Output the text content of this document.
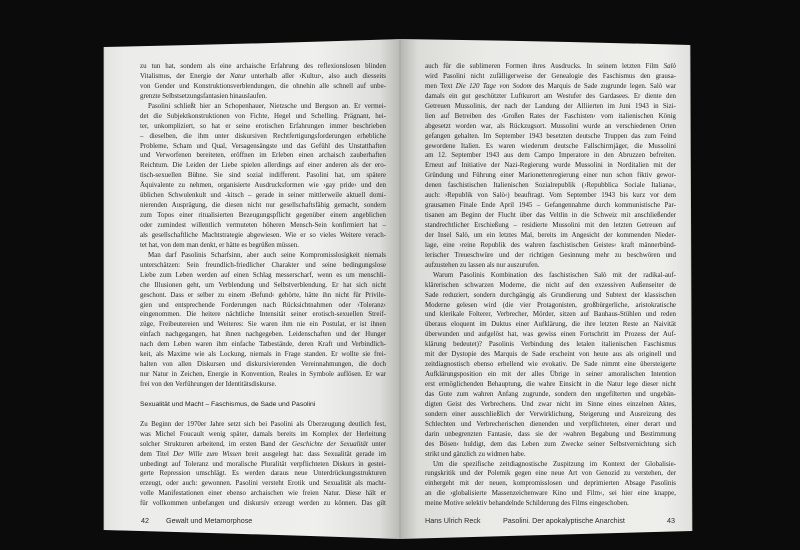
zu tun hat, sondern als eine archaische Erfahrung des reflexionslosen blinden
Vitalismus, der Energie der Natur unterhalb aller ›Kultur‹, also auch diesseits
von Gender und Konstruktionsverblendungen, die ohnehin alle schnell auf unbe-
grenzte Selbstsetzungsfantasien hinauslaufen.
Pasolini schließt hier an Schopenhauer, Nietzsche und Bergson an. Er vermei-
det die Subjektkonstruktionen von Fichte, Hegel und Schelling. Prägnant, hei-
ter, unkompliziert, so hat er seine erotischen Erfahrungen immer beschrieben
– dieselben, die ihm unter diskursiven Rechtfertigungsforderungen erhebliche
Probleme, Scham und Qual, Versagensängste und das Gefühl des Unstatthaften
und Verworfenen bereiteten, eröffnen im Erleben einen archaisch zauberhaften
Reichtum. Die Leiden der Liebe spielen allerdings auf einer anderen als der ero-
tisch-sexuellen Bühne. Sie sind sozial indifferent. Pasolini hat, um spätere
Äquivalente zu nehmen, organisierte Ausdrucksformen wie ›gay pride‹ und den
üblichen Schwulenkult und -kitsch – gerade in seiner mittlerweile aktuell domi-
nierenden Ausprägung, die diesen nicht nur gesellschaftsfähig gemacht, sondern
zum Topos einer ritualisierten Bezeugungspflicht gegenüber einem angeblichen
oder zumindest willentlich vermuteten höheren Mensch-Sein konfirmiert hat –
als gesellschaftliche Machtstrategie abgewiesen. Wie er so vieles Weitere verach-
tet hat, von dem man denkt, er hätte es begrüßen müssen.
Man darf Pasolinis Scharfsinn, aber auch seine Kompromisslosigkeit niemals
unterschätzen: Sein freundlich-friedlicher Charakter und seine bedingungslose
Liebe zum Leben werden auf einen Schlag messerscharf, wenn es um menschli-
che Illusionen geht, um Verblendung und Selbstverblendung. Er hat sich nicht
geschont. Dass er selber zu einem ›Befund‹ gehörte, hätte ihn nicht für Privile-
gien und entsprechende Forderungen nach Rücksichtnahmen oder ›Toleranz‹
eingenommen. Die heitere nächtliche Intensität seiner erotisch-sexuellen Streif-
züge, Freibeutereien und Weiteres: Sie waren ihm nie ein Postulat, er ist ihnen
einfach nachgegangen, hat ihnen nachgegeben. Leidenschaften und der Hunger
nach dem Leben waren ihm einfache Tatbestände, deren Kraft und Verbindlich-
keit, als Maxime wie als Lockung, niemals in Frage standen. Er wollte sie frei-
halten von allen Diskursen und diskursivierenden Vereinnahmungen, die doch
nur Natur in Zeichen, Energie in Konvention, Reales in Symbole auflösen. Er war
frei von den Verführungen der Identitätsdiskurse.
Sexualität und Macht – Faschismus, de Sade und Pasolini
Zu Beginn der 1970er Jahre setzt sich bei Pasolini als Überzeugung deutlich fest,
was Michel Foucault wenig später, damals bereits im Komplex der Herleitung
solcher Strukturen arbeitend, im ersten Band der Geschichte der Sexualität unter
dem Titel Der Wille zum Wissen breit ausgelegt hat: dass Sexualität gerade im
unbedingt auf Toleranz und moralische Pluralität verpflichteten Diskurs in gestei-
gerte Repression umschlägt. Es werden daraus neue Unterdrückungsstrukturen
erzeugt, oder auch: gewonnen. Pasolini versteht Erotik und Sexualität als macht-
volle Manifestationen einer ebenso archaischen wie freien Natur. Diese hält er
für vollkommen unbefangen und diskursiv erzeugt werden zu können. Das gilt
auch für die sublimeren Formen ihres Ausdrucks. In seinem letzten Film Salò
wird Pasolini nicht zufälligerweise der Genealogie des Faschismus den grausa-
men Text Die 120 Tage von Sodom des Marquis de Sade zugrunde legen. Salò war
damals ein gut geschützter Luftkurort am Westufer des Gardasees. Er diente den
Getreuen Mussolinis, der nach der Landung der Alliierten im Juni 1943 in Sizi-
lien auf Betreiben des ›Großen Rates der Faschisten‹ vom italienischen König
abgesetzt worden war, als Rückzugsort. Mussolini wurde an verschiedenen Orten
gefangen gehalten. Im September 1943 besetzten deutsche Truppen das zum Feind
gewordene Italien. Es waren wiederum deutsche Fallschirmjäger, die Mussolini
am 12. September 1943 aus dem Campo Imperatore in den Abruzzen befreiten.
Erneut auf Initiative der Nazi-Regierung wurde Mussolini in Norditalien mit der
Gründung und Führung einer Marionettenregierung einer nun schon fiktiv gewor-
denen faschistischen Italienischen Sozialrepublik (›Repubblica Sociale Italiana‹,
auch: ›Republik von Salò‹) beauftragt. Vom September 1943 bis kurz vor dem
grausamen Finale Ende April 1945 – Gefangennahme durch kommunistische Par-
tisanen am Beginn der Flucht über das Veltlin in die Schweiz mit anschließender
standrechtlicher Erschießung – residierte Mussolini mit den letzten Getreuen auf
der Insel Salò, um ein letztes Mal, bereits im Angesicht der kommenden Nieder-
lage, eine ›reine Republik des wahren faschistischen Geistes‹ kraft männerbünd-
lerischer Treueschwüre und der richtigen Gesinnung mehr zu beschwören und
aufzustehen zu lassen als nur auszurufen.
Warum Pasolinis Kombination des faschistischen Salò mit der radikal-auf-
klärerischen schwarzen Moderne, die nicht auf den exzessiven Außenseiter de
Sade reduziert, sondern durchgängig als Grundierung und Subtext der klassischen
Moderne gelesen wird (die vier Protagonisten, großbürgerliche, aristokratische
und klerikale Folterer, Verbrecher, Mörder, sitzen auf Bauhaus-Stühlen und reden
überaus eloquent im Duktus einer Aufklärung, die ihre letzten Reste an Naivität
überwunden und aufgelöst hat, was gewiss einen Fortschritt im Prozess der Auf-
klärung bedeutet)? Pasolinis Verbindung des letalen italienischen Faschismus
mit der Dystopie des Marquis de Sade erscheint von heute aus als originell und
zeitdiagnostisch ebenso erhellend wie evokativ. De Sade nimmt eine übersteigerte
Aufklärungsposition ein mit der alles Übrige in seiner amoralischen Intention
erst ermöglichenden Behauptung, die wahre Einsicht in die Natur lege dieser nicht
das Gute zum wahren Anfang zugrunde, sondern den ungefilterten und ungebän-
digten Geist des Verbrechens. Und zwar nicht im Sinne eines einzelnen Aktes,
sondern einer ausschließlich der Verwirklichung, Steigerung und Ausreizung des
Schlechten und Verbrecherischen dienenden und verpflichteten, einer derart und
darin unbegrenzten Fantasie, dass sie der ›wahren Begabung und Bestimmung
des Bösen‹ huldigt, dem das Leben zum Zwecke seiner Selbstvernichtung sich
strikt und gänzlich zu widmen habe.
Um die spezifische zeitdiagnostische Zuspitzung im Kontext der Globalisie-
rungskritik und der Polemik gegen eine neue Art von Genozid zu verstehen, der
einhergeht mit der neuen, kompromisslosen und deprimierten Absage Pasolinis
an die ›globalisierte Massenzeichenware Kino und Film‹, sei hier eine knappe,
meine Motive selektiv behandelnde Schilderung des Films eingeschoben.
42 Gewalt und Metamorphose	Hans Ulrich Reck	Pasolini. Der apokalyptische Anarchist	43
